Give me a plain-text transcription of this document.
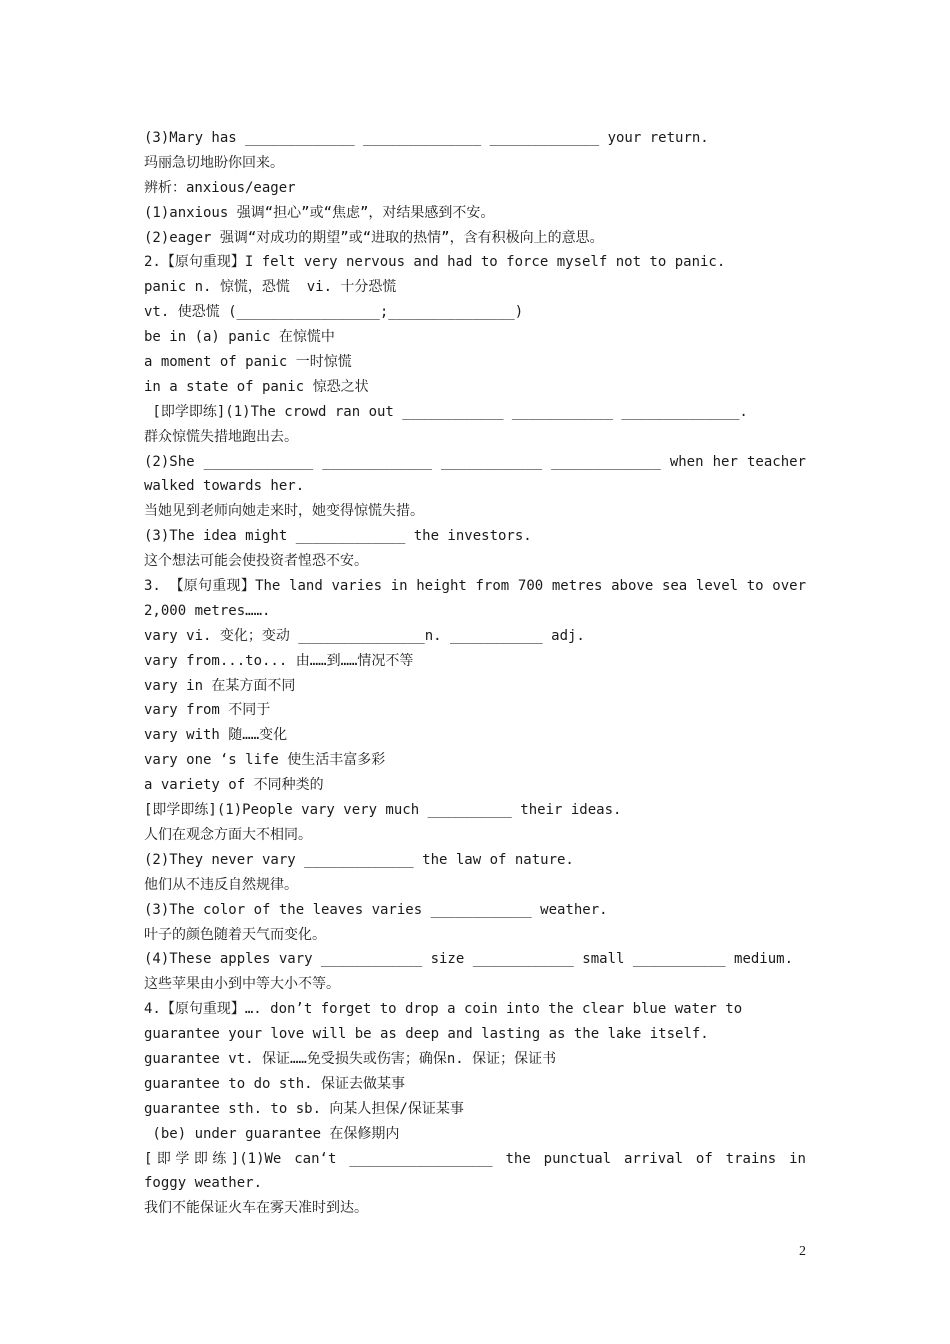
(3)Mary has _____________ ______________ _____________ your return.
玛丽急切地盼你回来。
辨析：anxious/eager
(1)anxious 强调“担心”或“焦虑”，对结果感到不安。
(2)eager 强调“对成功的期望”或“进取的热情”，含有积极向上的意思。
2.【原句重现】I felt very nervous and had to force myself not to panic.
panic n. 惊慌，恐慌  vi. 十分恐慌
vt. 使恐慌 (_________________;_______________)
be in (a) panic 在惊慌中
a moment of panic 一时惊慌
in a state of panic 惊恐之状
[即学即练](1)The crowd ran out ____________ ____________ ______________.
群众惊慌失措地跑出去。
(2)She _____________ _____________ ____________ _____________ when her teacher
walked towards her.
当她见到老师向她走来时，她变得惊慌失措。
(3)The idea might _____________ the investors.
这个想法可能会使投资者惶恐不安。
3. 【原句重现】The land varies in height from 700 metres above sea level to over
2,000 metres…….
vary vi. 变化；变动 _______________n. ___________ adj.
vary from...to... 由……到……情况不等
vary in 在某方面不同
vary from 不同于
vary with 随……变化
vary one ‘s life 使生活丰富多彩
a variety of 不同种类的
[即学即练](1)People vary very much __________ their ideas.
人们在观念方面大不相同。
(2)They never vary _____________ the law of nature.
他们从不违反自然规律。
(3)The color of the leaves varies ____________ weather.
叶子的颜色随着天气而变化。
(4)These apples vary ____________ size ____________ small ___________ medium.
这些苹果由小到中等大小不等。
4.【原句重现】…. don’t forget to drop a coin into the clear blue water to
guarantee your love will be as deep and lasting as the lake itself.
guarantee vt. 保证……免受损失或伤害；确保n. 保证；保证书
guarantee to do sth. 保证去做某事
guarantee sth. to sb. 向某人担保/保证某事
(be) under guarantee 在保修期内
[即学即练](1)We can‘t _________________ the punctual arrival of trains in
foggy weather.
我们不能保证火车在雾天准时到达。
2
